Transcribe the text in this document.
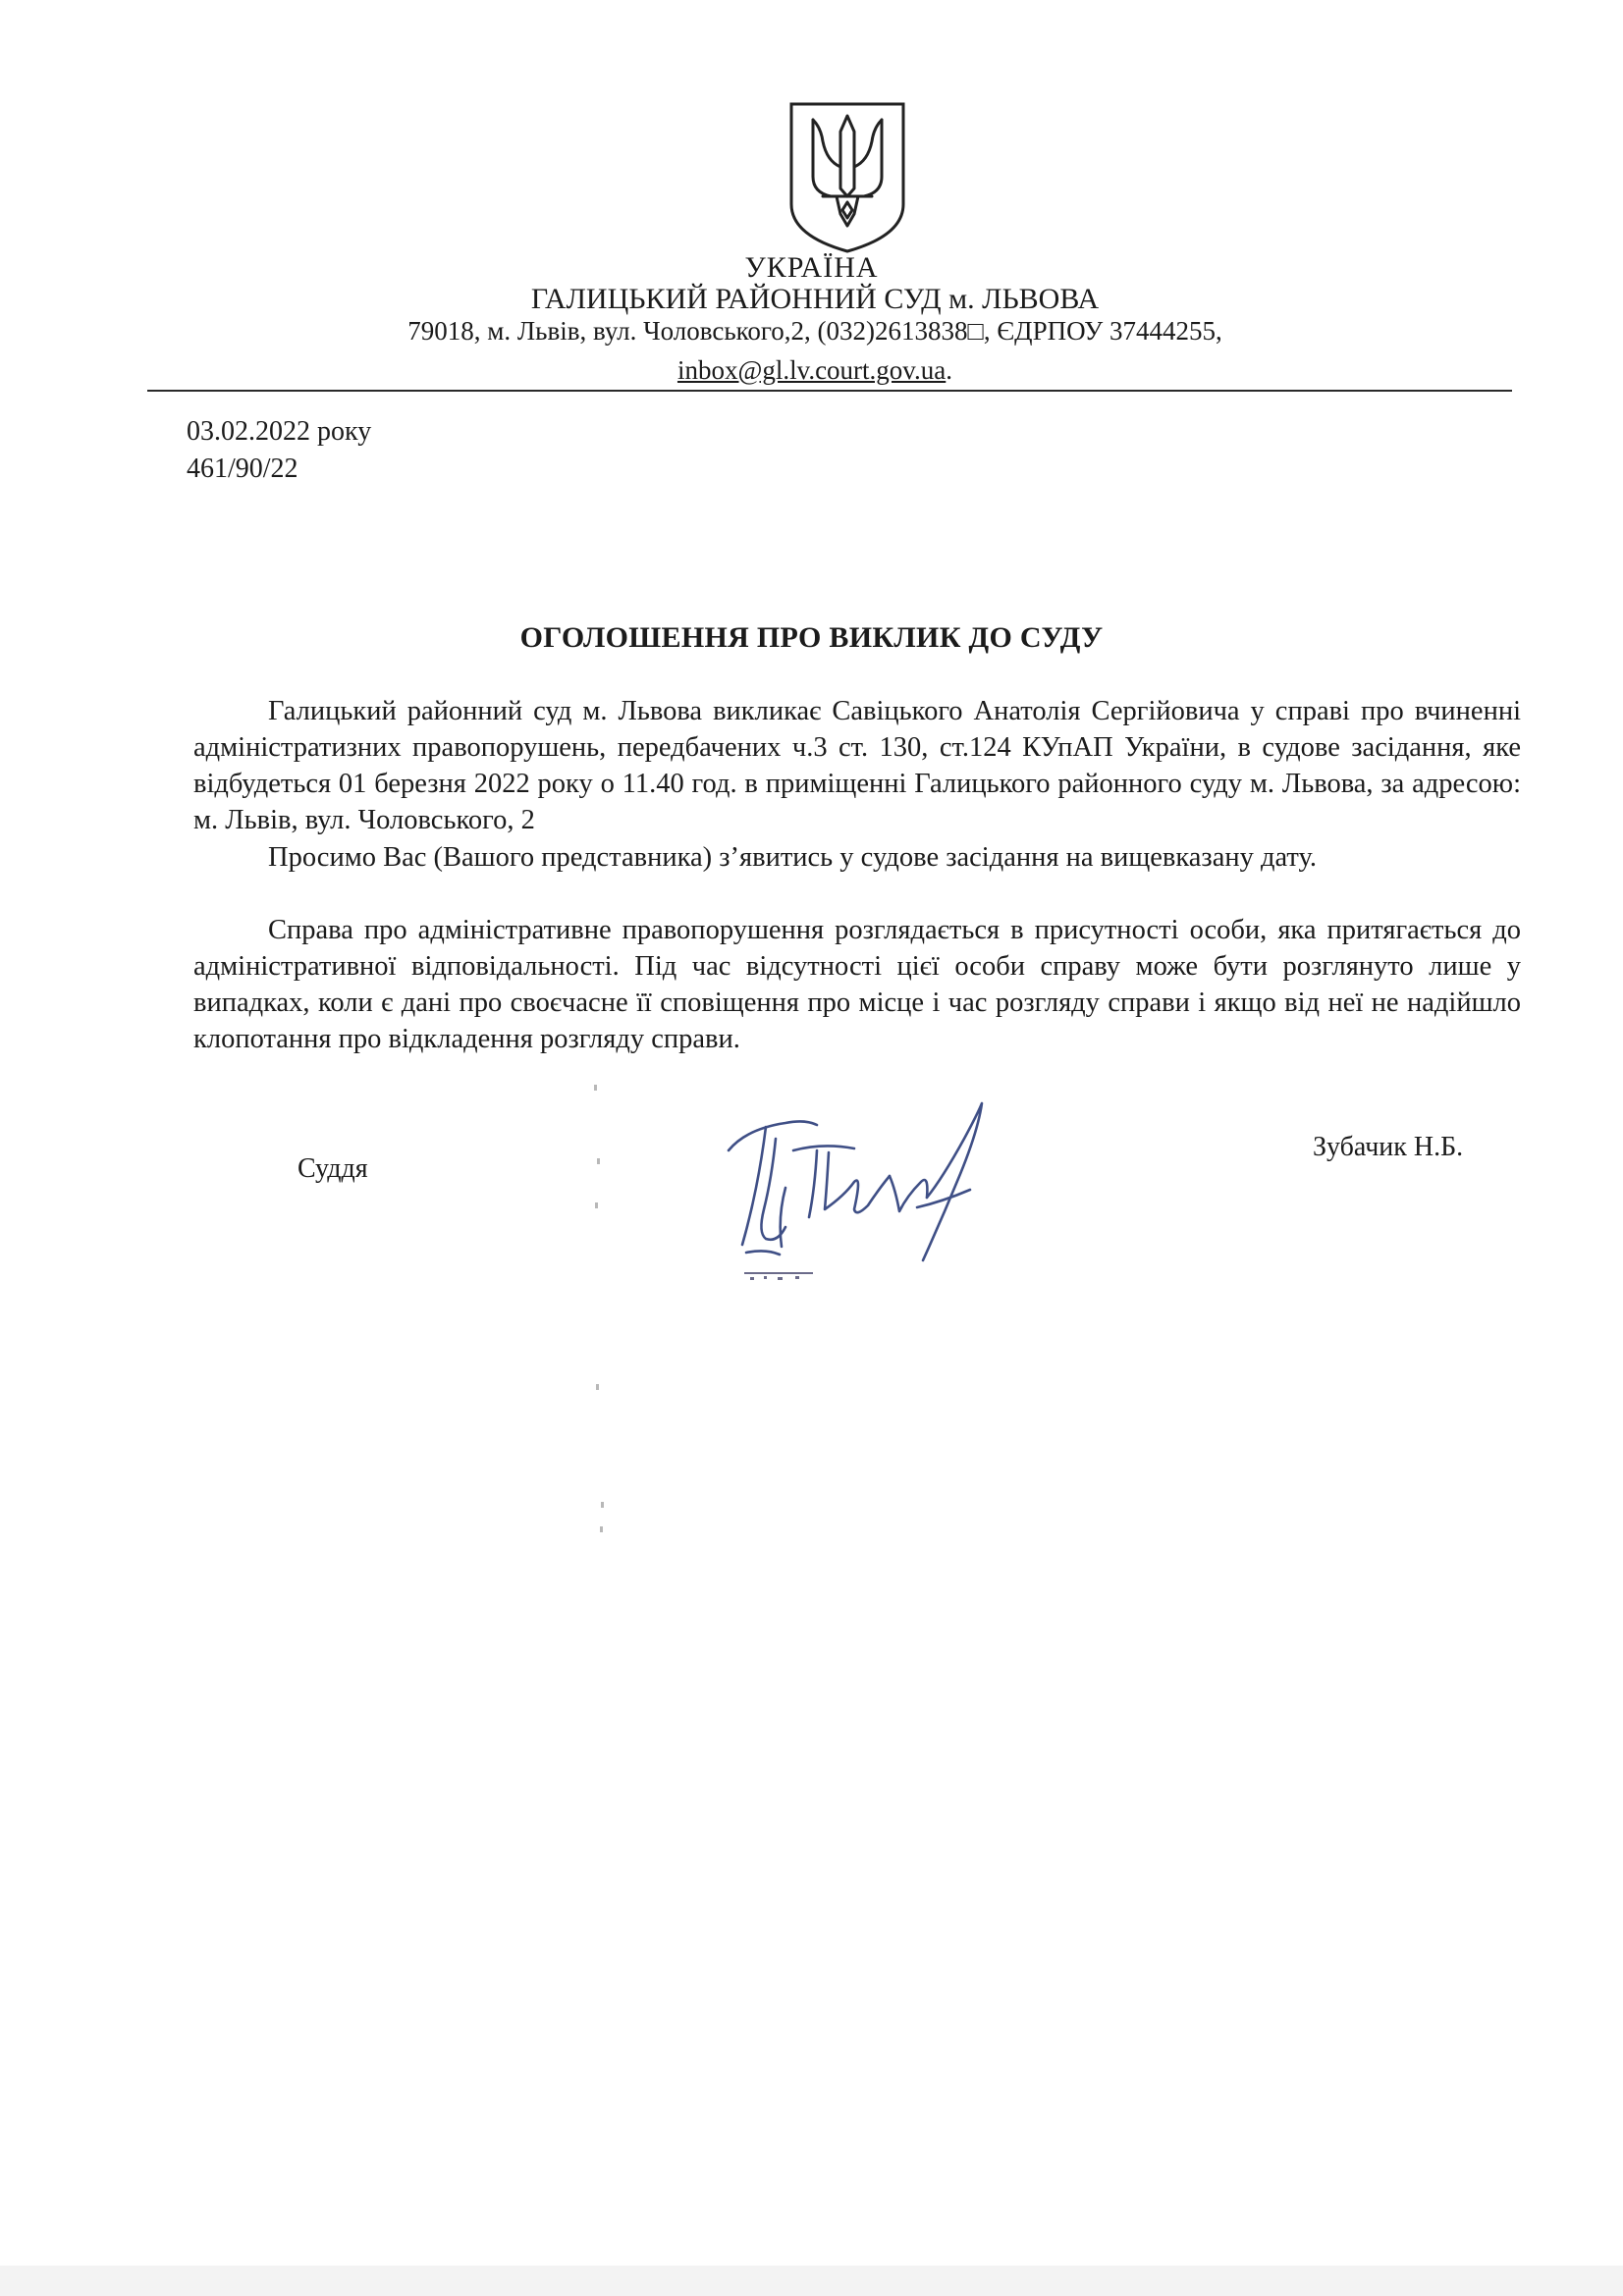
УКРАЇНА
ГАЛИЦЬКИЙ РАЙОННИЙ СУД м. ЛЬВОВА
79018, м. Львів, вул. Чоловського,2, (032)2613838□, ЄДРПОУ 37444255,
inbox@gl.lv.court.gov.ua.
03.02.2022 року
461/90/22
ОГОЛОШЕННЯ ПРО ВИКЛИК ДО СУДУ

Галицький районний суд м. Львова викликає Савіцького Анатолія Сергійовича у справі про вчиненні адміністратизних правопорушень, передбачених ч.3 ст. 130, ст.124 КУпАП України, в судове засідання, яке відбудеться 01 березня 2022 року о 11.40 год. в приміщенні Галицького районного суду м. Львова, за адресою: м. Львів, вул. Чоловського, 2

Просимо Вас (Вашого представника) з’явитись у судове засідання на вищевказану дату.

Справа про адміністративне правопорушення розглядається в присутності особи, яка притягається до адміністративної відповідальності. Під час відсутності цієї особи справу може бути розглянуто лише у випадках, коли є дані про своєчасне її сповіщення про місце і час розгляду справи і якщо від неї не надійшло клопотання про відкладення розгляду справи.

Суддя
Зубачик Н.Б.
